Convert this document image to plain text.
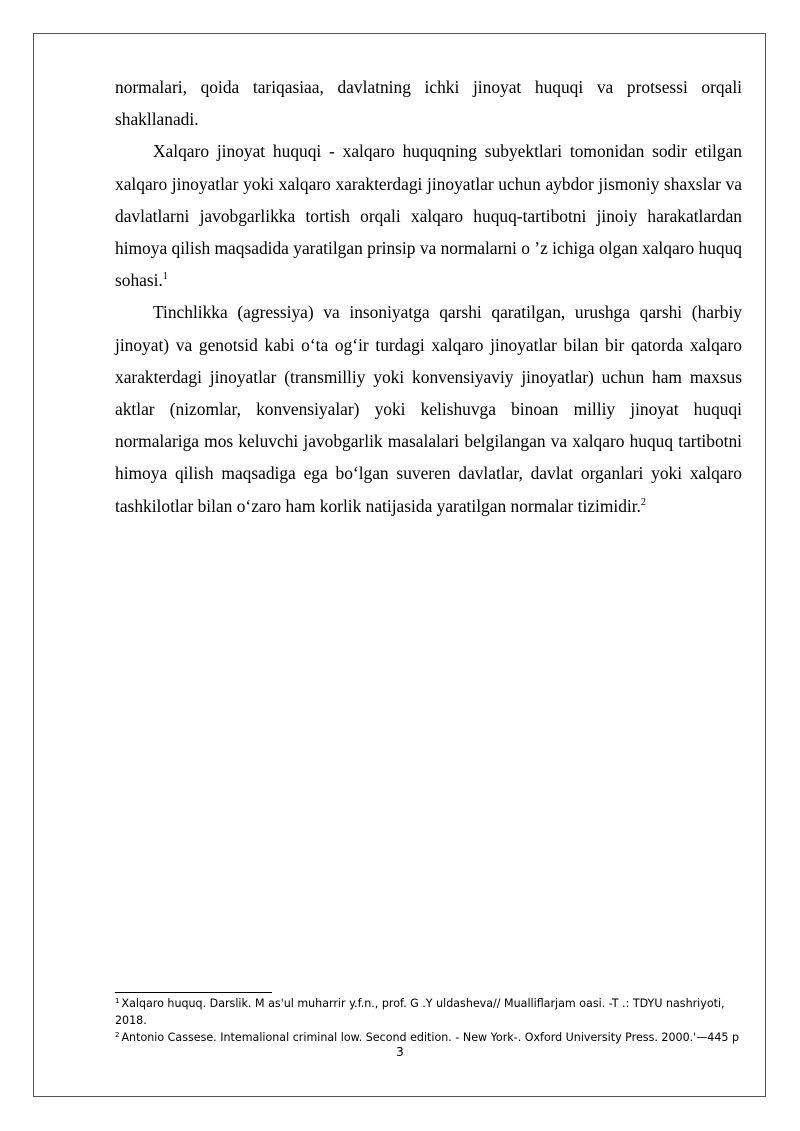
normalari, qoida tariqasiaa, davlatning ichki jinoyat huquqi va protsessi orqali shakllanadi.

Xalqaro jinoyat huquqi - xalqaro huquqning subyektlari tomonidan sodir etilgan xalqaro jinoyatlar yoki xalqaro xarakterdagi jinoyatlar uchun aybdor jismoniy shaxslar va davlatlarni javobgarlikka tortish orqali xalqaro huquq-tartibotni jinoiy harakatlardan himoya qilish maqsadida yaratilgan prinsip va normalarni o ’z ichiga olgan xalqaro huquq sohasi.$^1$

Tinchlikka (agressiya) va insoniyatga qarshi qaratilgan, urushga qarshi (harbiy jinoyat) va genotsid kabi o‘ta og‘ir turdagi xalqaro jinoyatlar bilan bir qatorda xalqaro xarakterdagi jinoyatlar (transmilliy yoki konvensiyaviy jinoyatlar) uchun ham maxsus aktlar (nizomlar, konvensiyalar) yoki kelishuvga binoan milliy jinoyat huquqi normalariga mos keluvchi javobgarlik masalalari belgilangan va xalqaro huquq tartibotni himoya qilish maqsadiga ega bo‘lgan suveren davlatlar, davlat organlari yoki xalqaro tashkilotlar bilan o‘zaro ham korlik natijasida yaratilgan normalar tizimidir.$^2$

$^1$ Xalqaro huquq. Darslik. M as'ul muharrir y.f.n., prof. G .Y uldasheva// Mualliflarjam oasi. -T .: TDYU nashriyoti, 2018.

$^2$ Antonio Cassese. Intemalional criminal low. Second edition. - New York-. Oxford University Press. 2000.'—445 p

3
